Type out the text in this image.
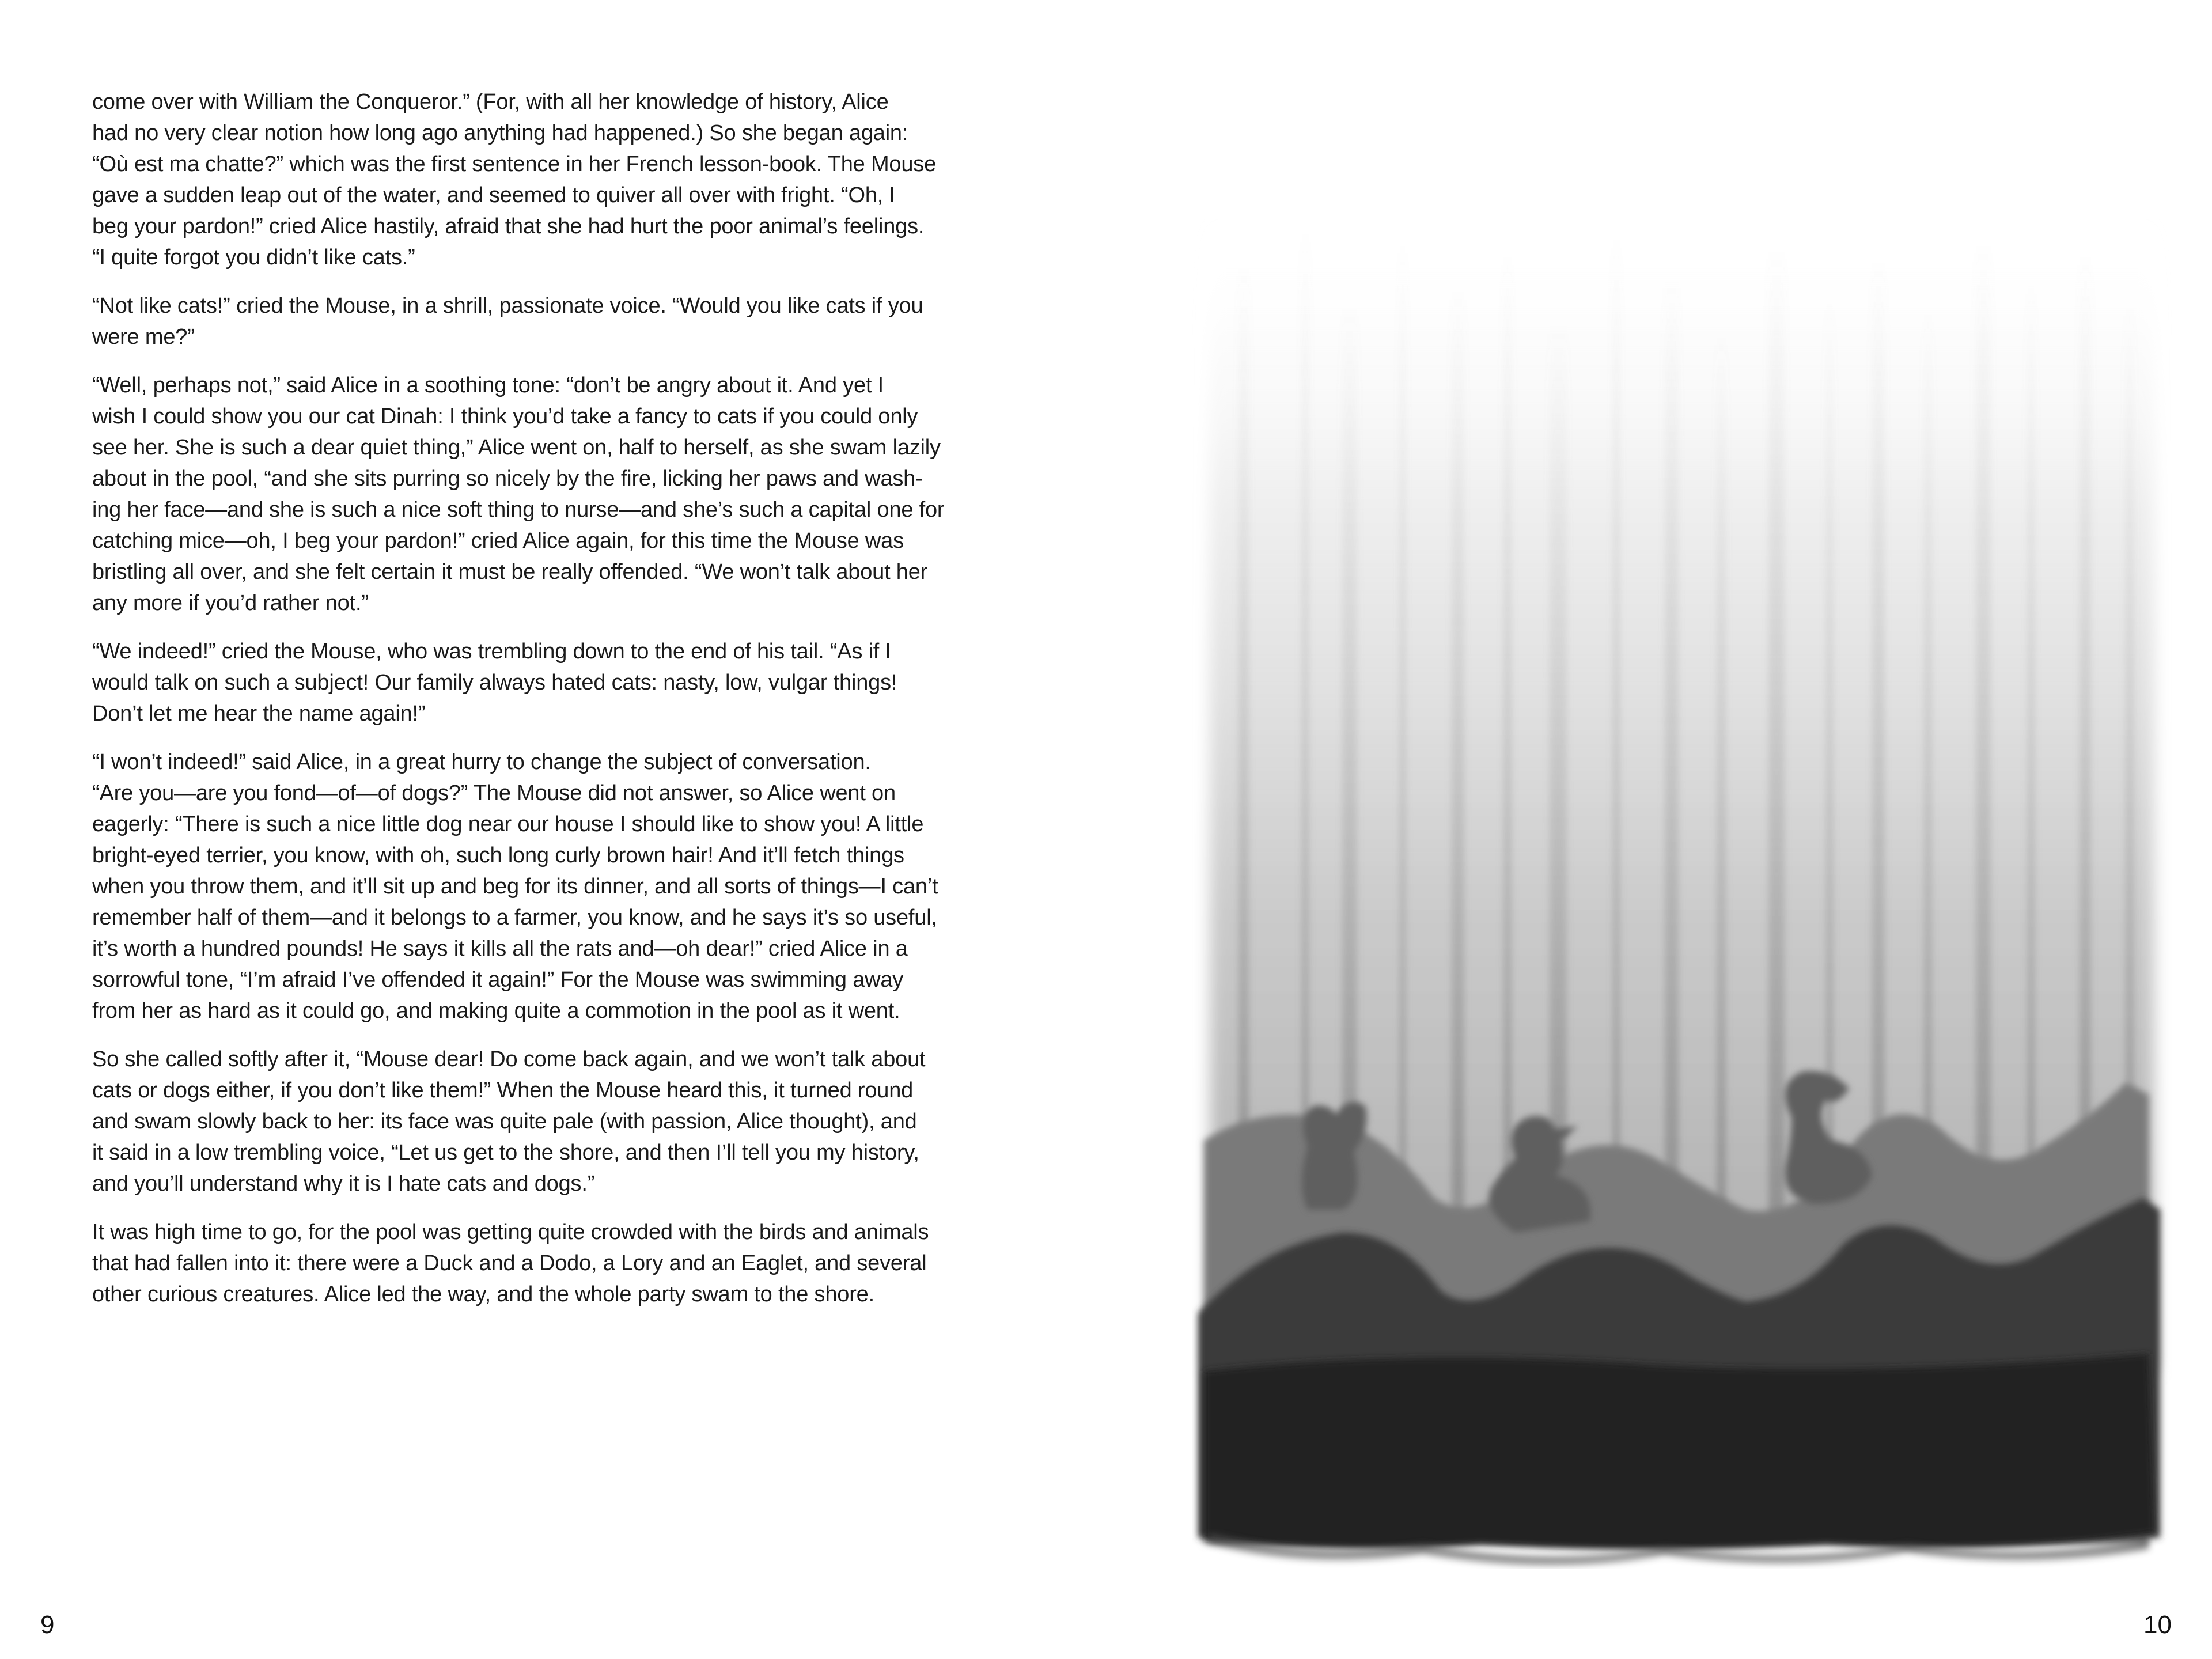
come over with William the Conqueror.” (For, with all her knowledge of history, Alice
had no very clear notion how long ago anything had happened.) So she began again:
“Où est ma chatte?” which was the first sentence in her French lesson-book. The Mouse
gave a sudden leap out of the water, and seemed to quiver all over with fright. “Oh, I
beg your pardon!” cried Alice hastily, afraid that she had hurt the poor animal’s feelings.
“I quite forgot you didn’t like cats.”

“Not like cats!” cried the Mouse, in a shrill, passionate voice. “Would you like cats if you
were me?”

“Well, perhaps not,” said Alice in a soothing tone: “don’t be angry about it. And yet I
wish I could show you our cat Dinah: I think you’d take a fancy to cats if you could only
see her. She is such a dear quiet thing,” Alice went on, half to herself, as she swam lazily
about in the pool, “and she sits purring so nicely by the fire, licking her paws and wash-
ing her face—and she is such a nice soft thing to nurse—and she’s such a capital one for
catching mice—oh, I beg your pardon!” cried Alice again, for this time the Mouse was
bristling all over, and she felt certain it must be really offended. “We won’t talk about her
any more if you’d rather not.”

“We indeed!” cried the Mouse, who was trembling down to the end of his tail. “As if I
would talk on such a subject! Our family always hated cats: nasty, low, vulgar things!
Don’t let me hear the name again!”

“I won’t indeed!” said Alice, in a great hurry to change the subject of conversation.
“Are you—are you fond—of—of dogs?” The Mouse did not answer, so Alice went on
eagerly: “There is such a nice little dog near our house I should like to show you! A little
bright-eyed terrier, you know, with oh, such long curly brown hair! And it’ll fetch things
when you throw them, and it’ll sit up and beg for its dinner, and all sorts of things—I can’t
remember half of them—and it belongs to a farmer, you know, and he says it’s so useful,
it’s worth a hundred pounds! He says it kills all the rats and—oh dear!” cried Alice in a
sorrowful tone, “I’m afraid I’ve offended it again!” For the Mouse was swimming away
from her as hard as it could go, and making quite a commotion in the pool as it went.

So she called softly after it, “Mouse dear! Do come back again, and we won’t talk about
cats or dogs either, if you don’t like them!” When the Mouse heard this, it turned round
and swam slowly back to her: its face was quite pale (with passion, Alice thought), and
it said in a low trembling voice, “Let us get to the shore, and then I’ll tell you my history,
and you’ll understand why it is I hate cats and dogs.”

It was high time to go, for the pool was getting quite crowded with the birds and animals
that had fallen into it: there were a Duck and a Dodo, a Lory and an Eaglet, and several
other curious creatures. Alice led the way, and the whole party swam to the shore.

9	10
